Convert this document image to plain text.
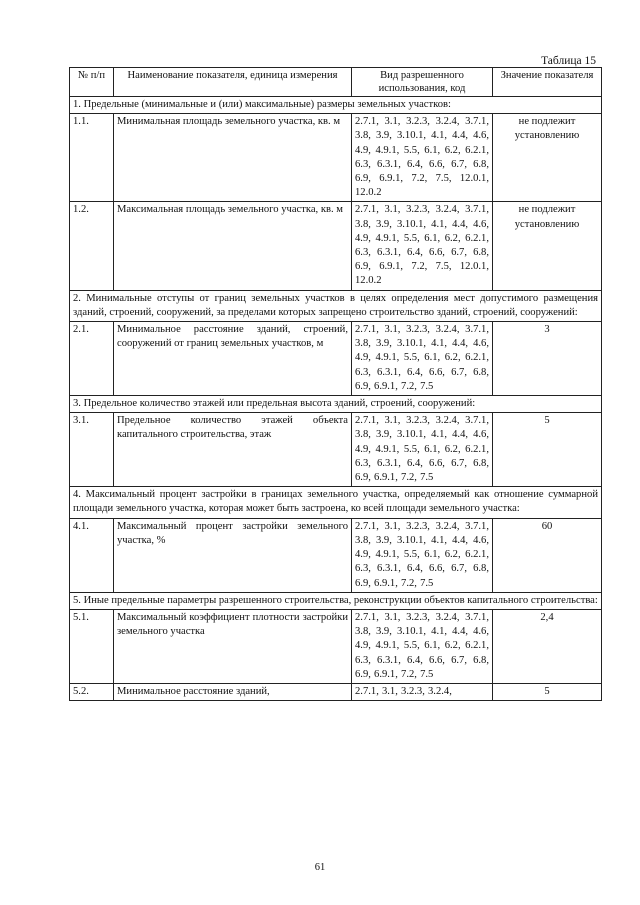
Таблица 15
№ п/п	Наименование показателя, единица измерения	Вид разрешенного использования, код	Значение показателя
1. Предельные (минимальные и (или) максимальные) размеры земельных участков:			
1.1.	Минимальная площадь земельного участка, кв. м	2.7.1, 3.1, 3.2.3, 3.2.4, 3.7.1, 3.8, 3.9, 3.10.1, 4.1, 4.4, 4.6, 4.9, 4.9.1, 5.5, 6.1, 6.2, 6.2.1, 6.3, 6.3.1, 6.4, 6.6, 6.7, 6.8, 6.9, 6.9.1, 7.2, 7.5, 12.0.1, 12.0.2	не подлежит установлению
1.2.	Максимальная площадь земельного участка, кв. м	2.7.1, 3.1, 3.2.3, 3.2.4, 3.7.1, 3.8, 3.9, 3.10.1, 4.1, 4.4, 4.6, 4.9, 4.9.1, 5.5, 6.1, 6.2, 6.2.1, 6.3, 6.3.1, 6.4, 6.6, 6.7, 6.8, 6.9, 6.9.1, 7.2, 7.5, 12.0.1, 12.0.2	не подлежит установлению
2. Минимальные отступы от границ земельных участков в целях определения мест допустимого размещения зданий, строений, сооружений, за пределами которых запрещено строительство зданий, строений, сооружений:			
2.1.	Минимальное расстояние зданий, строений, сооружений от границ земельных участков, м	2.7.1, 3.1, 3.2.3, 3.2.4, 3.7.1, 3.8, 3.9, 3.10.1, 4.1, 4.4, 4.6, 4.9, 4.9.1, 5.5, 6.1, 6.2, 6.2.1, 6.3, 6.3.1, 6.4, 6.6, 6.7, 6.8, 6.9, 6.9.1, 7.2, 7.5	3
3. Предельное количество этажей или предельная высота зданий, строений, сооружений:			
3.1.	Предельное количество этажей объекта капитального строительства, этаж	2.7.1, 3.1, 3.2.3, 3.2.4, 3.7.1, 3.8, 3.9, 3.10.1, 4.1, 4.4, 4.6, 4.9, 4.9.1, 5.5, 6.1, 6.2, 6.2.1, 6.3, 6.3.1, 6.4, 6.6, 6.7, 6.8, 6.9, 6.9.1, 7.2, 7.5	5
4. Максимальный процент застройки в границах земельного участка, определяемый как отношение суммарной площади земельного участка, которая может быть застроена, ко всей площади земельного участка:			
4.1.	Максимальный процент застройки земельного участка, %	2.7.1, 3.1, 3.2.3, 3.2.4, 3.7.1, 3.8, 3.9, 3.10.1, 4.1, 4.4, 4.6, 4.9, 4.9.1, 5.5, 6.1, 6.2, 6.2.1, 6.3, 6.3.1, 6.4, 6.6, 6.7, 6.8, 6.9, 6.9.1, 7.2, 7.5	60
5. Иные предельные параметры разрешенного строительства, реконструкции объектов капитального строительства:			
5.1.	Максимальный коэффициент плотности застройки земельного участка	2.7.1, 3.1, 3.2.3, 3.2.4, 3.7.1, 3.8, 3.9, 3.10.1, 4.1, 4.4, 4.6, 4.9, 4.9.1, 5.5, 6.1, 6.2, 6.2.1, 6.3, 6.3.1, 6.4, 6.6, 6.7, 6.8, 6.9, 6.9.1, 7.2, 7.5	2,4
5.2.	Минимальное расстояние зданий,	2.7.1, 3.1, 3.2.3, 3.2.4,	5
61
